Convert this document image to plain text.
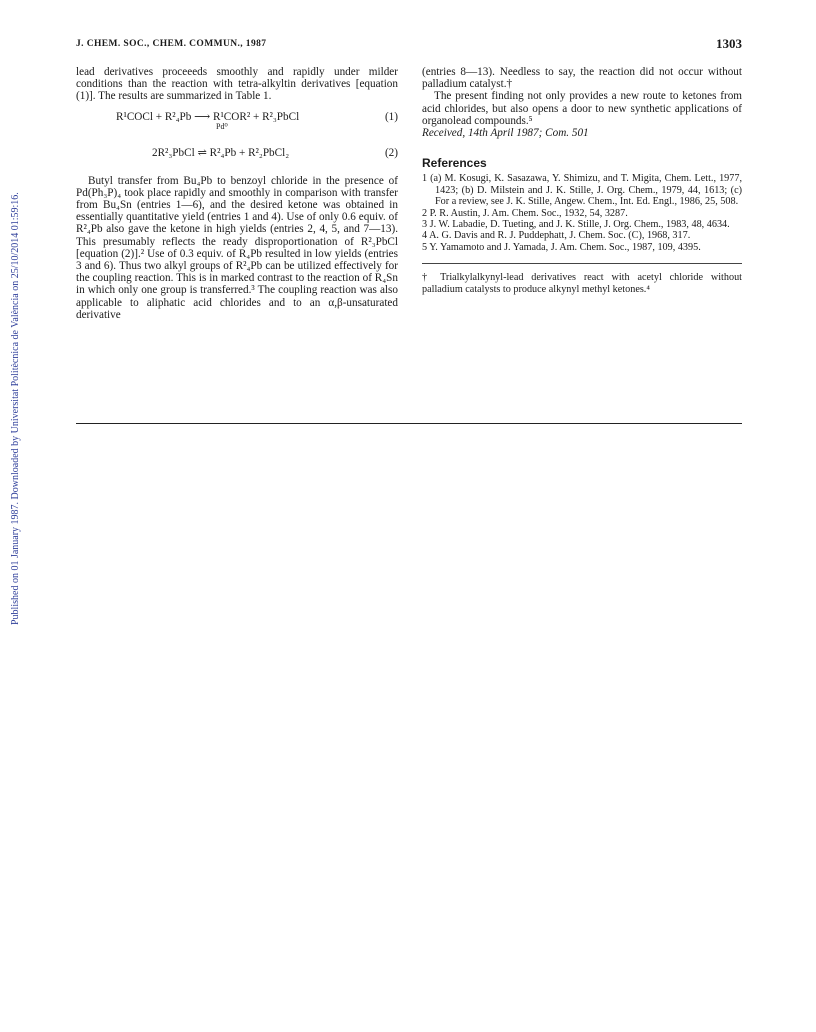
Published on 01 January 1987. Downloaded by Universitat Politècnica de València on 25/10/2014 01:59:16.
J. CHEM. SOC., CHEM. COMMUN., 1987	1303

lead derivatives proceeeds smoothly and rapidly under milder conditions than the reaction with tetra-alkyltin derivatives [equation (1)]. The results are summarized in Table 1.

R¹COCl + R²₄Pb ⟶ R¹COR² + R²₃PbCl
Pd⁰
(1)
2R²₃PbCl ⇌ R²₄Pb + R²₂PbCl₂	(2)

Butyl transfer from Bu₄Pb to benzoyl chloride in the presence of Pd(Ph₃P)₄ took place rapidly and smoothly in comparison with transfer from Bu₄Sn (entries 1—6), and the desired ketone was obtained in essentially quantitative yield (entries 1 and 4). Use of only 0.6 equiv. of R²₄Pb also gave the ketone in high yields (entries 2, 4, 5, and 7—13). This presumably reflects the ready disproportionation of R²₃PbCl [equation (2)].² Use of 0.3 equiv. of R₄Pb resulted in low yields (entries 3 and 6). Thus two alkyl groups of R²₄Pb can be utilized effectively for the coupling reaction. This is in marked contrast to the reaction of R₄Sn in which only one group is transferred.³ The coupling reaction was also applicable to aliphatic acid chlorides and to an α,β-unsaturated derivative

(entries 8—13). Needless to say, the reaction did not occur without palladium catalyst.†

The present finding not only provides a new route to ketones from acid chlorides, but also opens a door to new synthetic applications of organolead compounds.⁵

Received, 14th April 1987; Com. 501

References
1 (a) M. Kosugi, K. Sasazawa, Y. Shimizu, and T. Migita, Chem. Lett., 1977, 1423; (b) D. Milstein and J. K. Stille, J. Org. Chem., 1979, 44, 1613; (c) For a review, see J. K. Stille, Angew. Chem., Int. Ed. Engl., 1986, 25, 508.
2 P. R. Austin, J. Am. Chem. Soc., 1932, 54, 3287.
3 J. W. Labadie, D. Tueting, and J. K. Stille, J. Org. Chem., 1983, 48, 4634.
4 A. G. Davis and R. J. Puddephatt, J. Chem. Soc. (C), 1968, 317.
5 Y. Yamamoto and J. Yamada, J. Am. Chem. Soc., 1987, 109, 4395.
† Trialkylalkynyl-lead derivatives react with acetyl chloride without palladium catalysts to produce alkynyl methyl ketones.⁴
